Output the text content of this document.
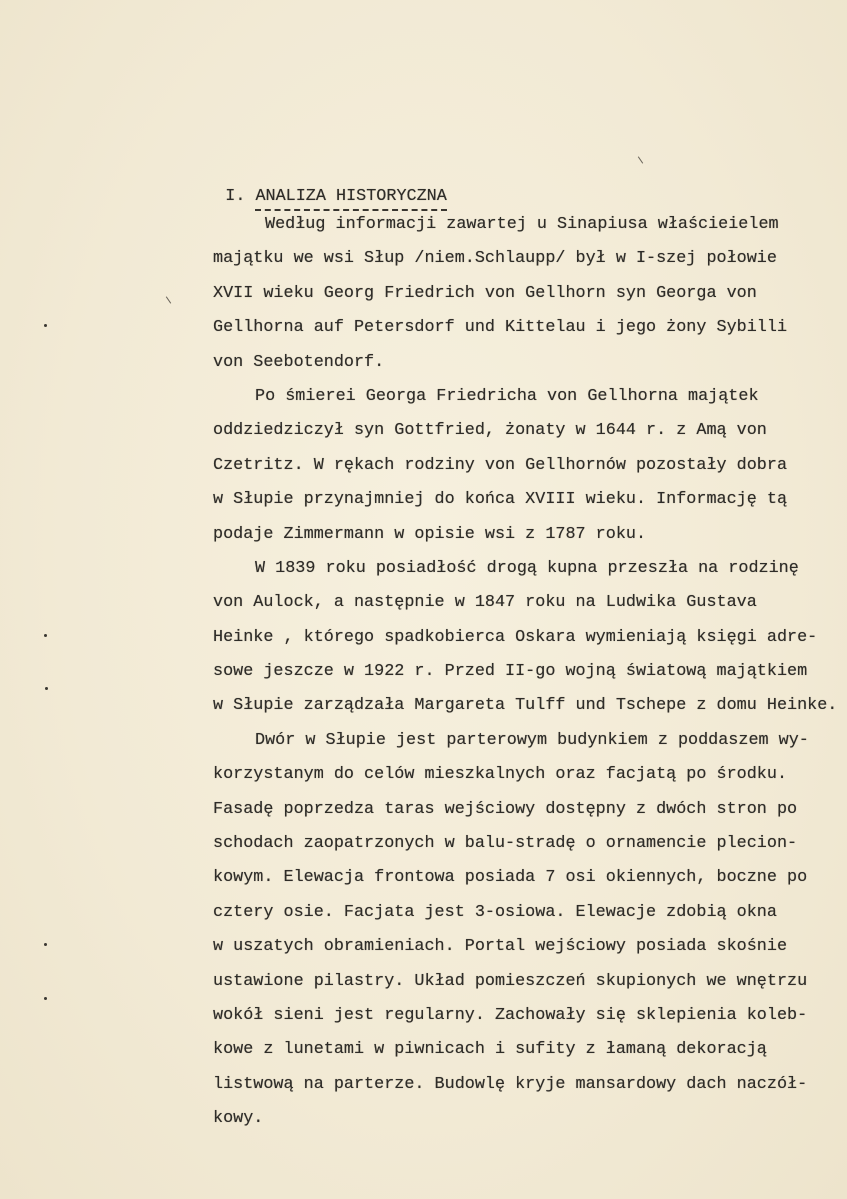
I. ANALIZA HISTORYCZNA

Według informacji zawartej u Sinapiusa właścieielem
majątku we wsi Słup /niem.Schlaupp/ był w I-szej połowie
XVII wieku Georg Friedrich von Gellhorn syn Georga von
Gellhorna auf Petersdorf und Kittelau i jego żony Sybilli
von Seebotendorf.
Po śmierei Georga Friedricha von Gellhorna majątek
oddziedziczył syn Gottfried, żonaty w 1644 r. z Amą von
Czetritz. W rękach rodziny von Gellhornów pozostały dobra
w Słupie przynajmniej do końca XVIII wieku. Informację tą
podaje Zimmermann w opisie wsi z 1787 roku.
W 1839 roku posiadłość drogą kupna przeszła na rodzinę
von Aulock, a następnie w 1847 roku na Ludwika Gustava
Heinke , którego spadkobierca Oskara wymieniają księgi adre-
sowe jeszcze w 1922 r. Przed II-go wojną światową majątkiem
w Słupie zarządzała Margareta Tulff und Tschepe z domu Heinke.
Dwór w Słupie jest parterowym budynkiem z poddaszem wy-
korzystanym do celów mieszkalnych oraz facjatą po środku.
Fasadę poprzedza taras wejściowy dostępny z dwóch stron po
schodach zaopatrzonych w balu-stradę o ornamencie plecion-
kowym. Elewacja frontowa posiada 7 osi okiennych, boczne po
cztery osie. Facjata jest 3-osiowa. Elewacje zdobią okna
w uszatych obramieniach. Portal wejściowy posiada skośnie
ustawione pilastry. Układ pomieszczeń skupionych we wnętrzu
wokół sieni jest regularny. Zachowały się sklepienia koleb-
kowe z lunetami w piwnicach i sufity z łamaną dekoracją
listwową na parterze. Budowlę kryje mansardowy dach naczół-
kowy.
